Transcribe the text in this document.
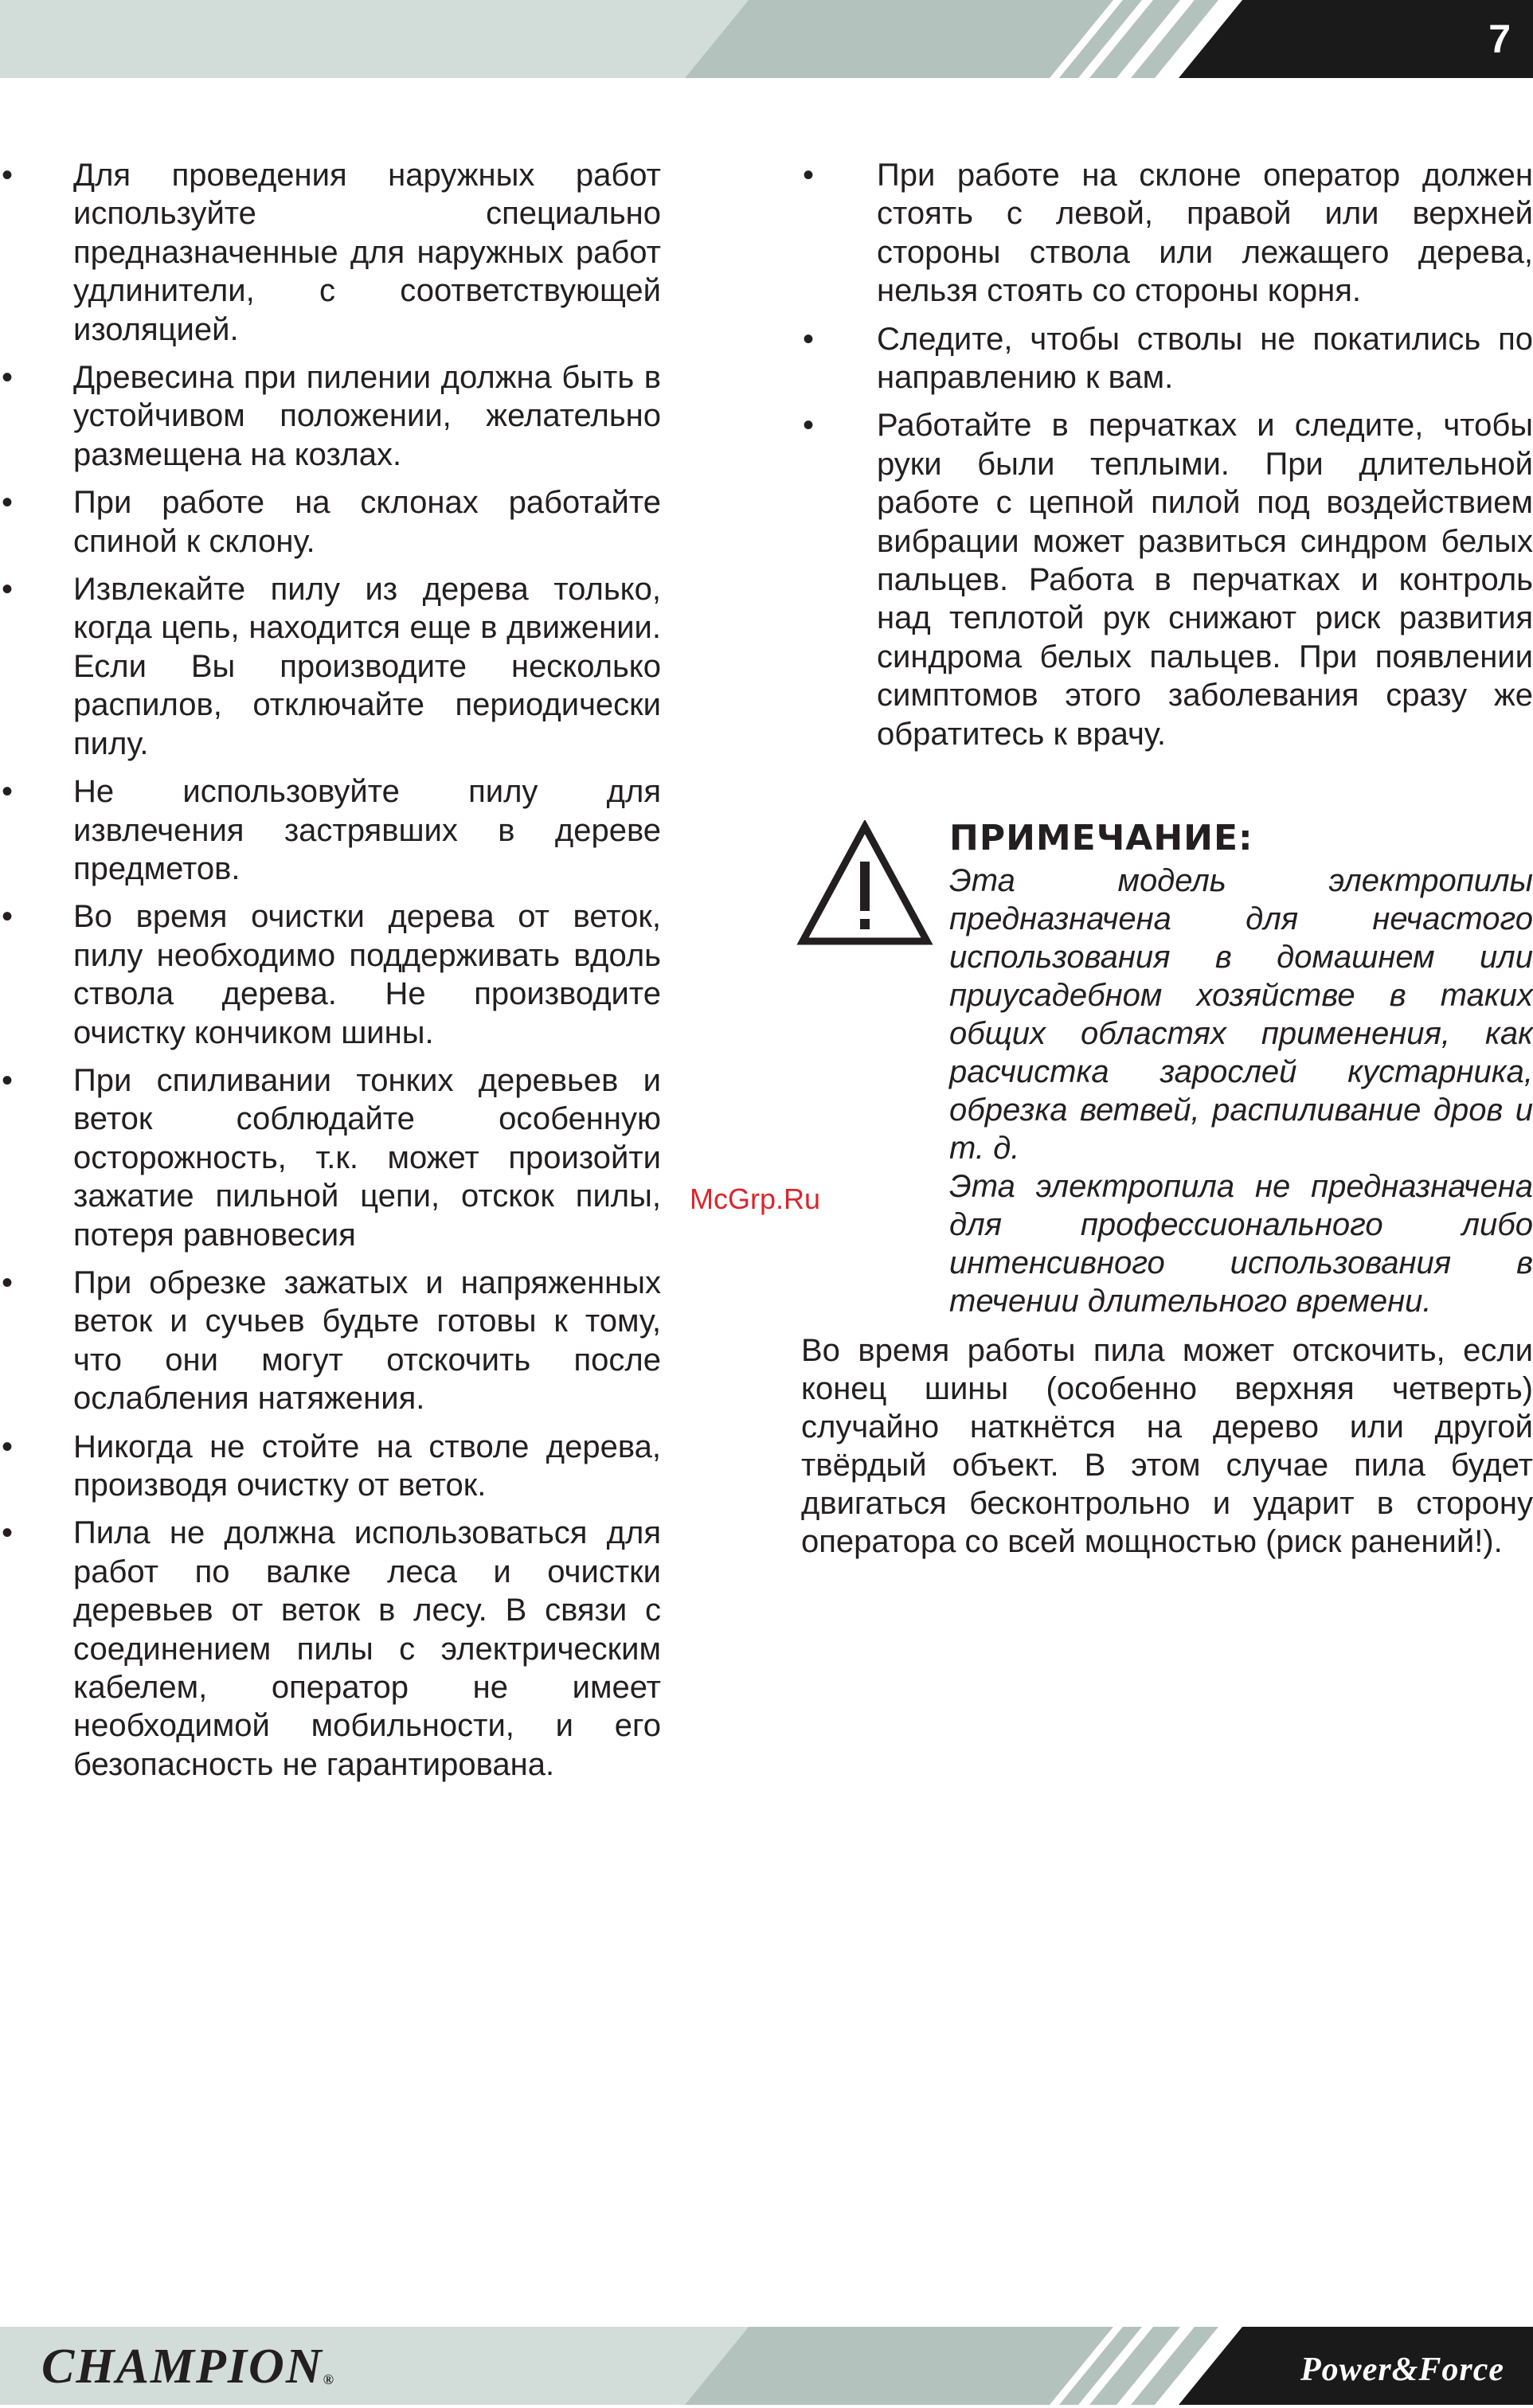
7
• Для проведения наружных работ используйте специально предназначенные для наружных работ удлинители, с соответствующей изоляцией.
• Древесина при пилении должна быть в устойчивом положении, желательно размещена на козлах.
• При работе на склонах работайте спиной к склону.
• Извлекайте пилу из дерева только, когда цепь, находится еще в движении. Если Вы производите несколько распилов, отключайте периодически пилу.
• Не использовуйте пилу для извлечения застрявших в дереве предметов.
• Во время очистки дерева от веток, пилу необходимо поддерживать вдоль ствола дерева. Не производите очистку кончиком шины.
• При спиливании тонких деревьев и веток соблюдайте особенную осторожность, т.к. может произойти зажатие пильной цепи, отскок пилы, потеря равновесия
• При обрезке зажатых и напряженных веток и сучьев будьте готовы к тому, что они могут отскочить после ослабления натяжения.
• Никогда не стойте на стволе дерева, производя очистку от веток.
• Пила не должна использоваться для работ по валке леса и очистки деревьев от веток в лесу. В связи с соединением пилы с электрическим кабелем, оператор не имеет необходимой мобильности, и его безопасность не гарантирована.
• При работе на склоне оператор должен стоять с левой, правой или верхней стороны ствола или лежащего дерева, нельзя стоять со стороны корня.
• Следите, чтобы стволы не покатились по направлению к вам.
• Работайте в перчатках и следите, чтобы руки были теплыми. При длительной работе с цепной пилой под воздействием вибрации может развиться синдром белых пальцев. Работа в перчатках и контроль над теплотой рук снижают риск развития синдрома белых пальцев. При появлении симптомов этого заболевания сразу же обратитесь к врачу.
ПРИМЕЧАНИЕ:

Эта модель электропилы предназначена для нечастого использования в домашнем или приусадебном хозяйстве в таких общих областях применения, как расчистка зарослей кустарника, обрезка ветвей, распиливание дров и т. д.

Эта электропила не предназначена для профессионального либо интенсивного использования в течении длительного времени.

Во время работы пила может отскочить, если конец шины (особенно верхняя четверть) случайно наткнётся на дерево или другой твёрдый объект. В этом случае пила будет двигаться бесконтрольно и ударит в сторону оператора со всей мощностью (риск ранений!).

McGrp.Ru
CHAMPION®	Power&Force
